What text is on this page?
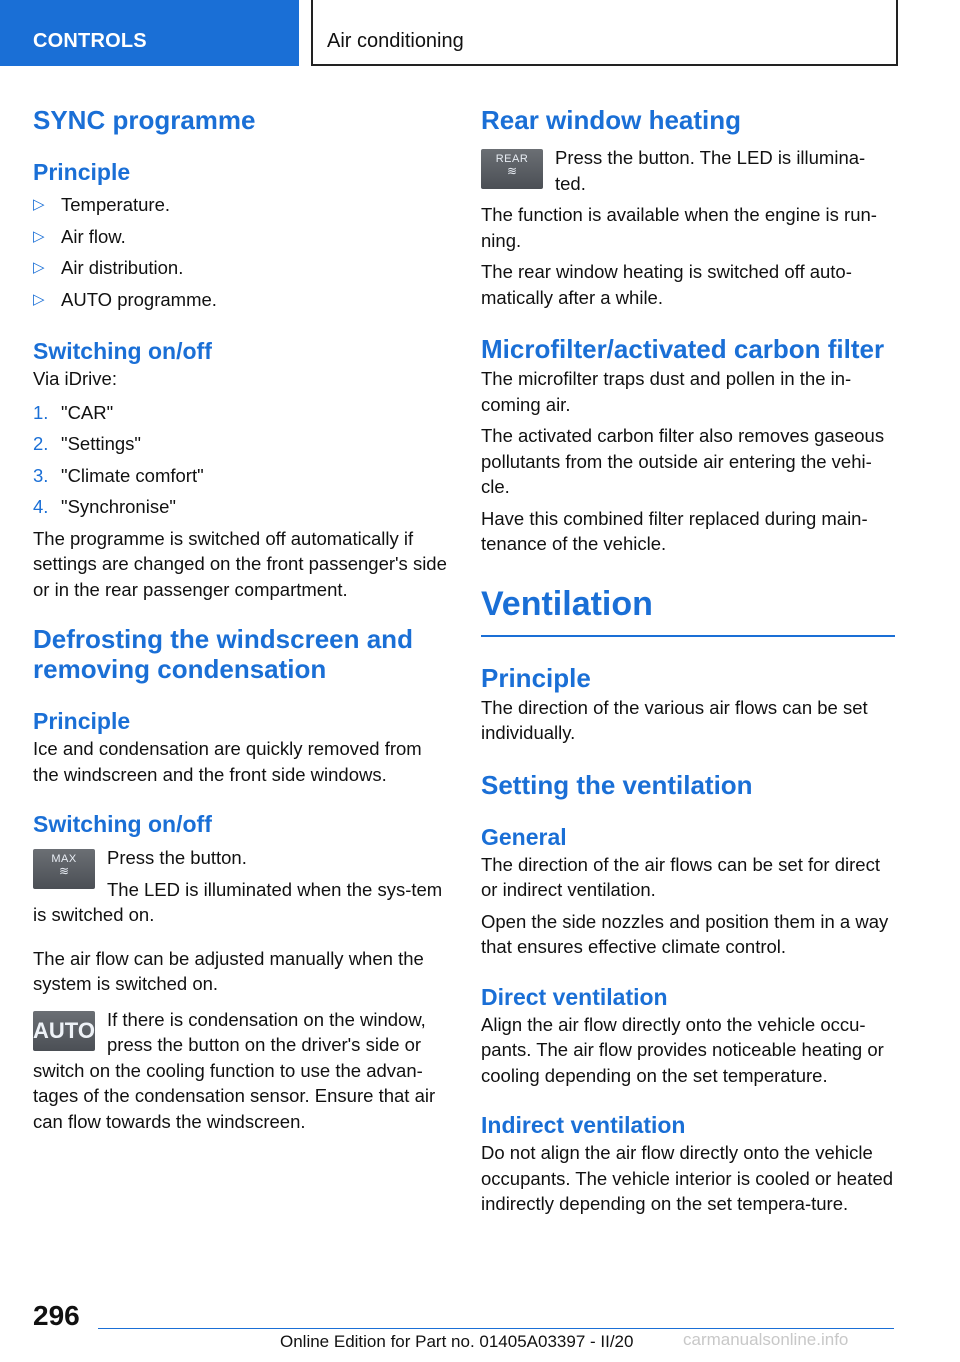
CONTROLS	Air conditioning
SYNC programme
Principle
▷ Temperature.
▷ Air flow.
▷ Air distribution.
▷ AUTO programme.
Switching on/off

Via iDrive:

1. "CAR"
2. "Settings"
3. "Climate comfort"
4. "Synchronise"

The programme is switched off automatically if settings are changed on the front passenger's side or in the rear passenger compartment.

Defrosting the windscreen and removing condensation
Principle

Ice and condensation are quickly removed from the windscreen and the front side windows.

Switching on/off
MAX
≋

Press the button.

The LED is illuminated when the sys‐tem is switched on.

The air flow can be adjusted manually when the system is switched on.

AUTO If there is condensation on the window, press the button on the driver's side or switch on the cooling function to use the advan‐tages of the condensation sensor. Ensure that air can flow towards the windscreen.

Rear window heating
REAR
≋

Press the button. The LED is illumina‐ted.

The function is available when the engine is run‐ning.

The rear window heating is switched off auto‐matically after a while.

Microfilter/activated carbon filter

The microfilter traps dust and pollen in the in‐coming air.

The activated carbon filter also removes gaseous pollutants from the outside air entering the vehi‐cle.

Have this combined filter replaced during main‐tenance of the vehicle.

Ventilation
Principle

The direction of the various air flows can be set individually.

Setting the ventilation
General

The direction of the air flows can be set for direct or indirect ventilation.

Open the side nozzles and position them in a way that ensures effective climate control.

Direct ventilation

Align the air flow directly onto the vehicle occu‐pants. The air flow provides noticeable heating or cooling depending on the set temperature.

Indirect ventilation

Do not align the air flow directly onto the vehicle occupants. The vehicle interior is cooled or heated indirectly depending on the set tempera‐ture.

296
Online Edition for Part no. 01405A03397 - II/20	carmanualsonline.info
